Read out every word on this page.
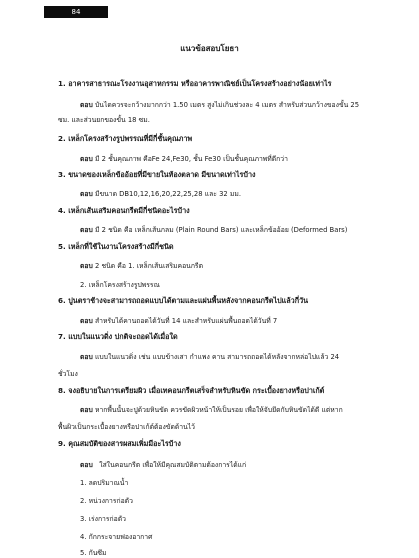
84
แนวข้อสอบโยธา
1. อาคารสาธารณะโรงงานอุสาหกรรม หรืออาคารพาณิชย์เป็นโครงสร้างอย่างน้อยเท่าไร
ตอบ บันไดควรจะกว้างมากกว่า 1.50 เมตร สูงไม่เกินช่วงละ 4 เมตร สำหรับส่วนกว้างของขั้น 25
ซม. และส่วนยกของขั้น 18 ซม.
2. เหล็กโครงสร้างรูปพรรณที่มีกี่ชั้นคุณภาพ
ตอบ มี 2 ชั้นคุณภาพ คือFe 24,Fe30, ชั้น Fe30 เป็นชั้นคุณภาพที่ดีกว่า
3. ขนาดของเหล็กข้ออ้อยที่มีขายในท้องตลาด มีขนาดเท่าไรบ้าง
ตอบ มีขนาด DB10,12,16,20,22,25,28 และ 32 มม.
4. เหล็กเส้นเสริมคอนกรีตมีกี่ชนิดอะไรบ้าง
ตอบ มี 2 ชนิด คือ เหล็กเส้นกลม (Plain Round Bars) และเหล็กข้ออ้อย (Deformed Bars)
5. เหล็กที่ใช้ในงานโครงสร้างมีกี่ชนิด
ตอบ 2 ชนิด คือ 1. เหล็กเส้นเสริมคอนกรีต
2. เหล็กโครงสร้างรูปพรรณ
6. ปูนตราช้างจะสามารถถอดแบบได้ตามและแผ่นพื้นหลังจากคอนกรีตไปแล้วกี่วัน
ตอบ สำหรับได้คานถอดได้วันที่ 14 และสำหรับแผ่นพื้นถอดได้วันที่ 7
7. แบบในแนวดิ่ง ปกติจะถอดได้เมื่อใด
ตอบ แบบในแนวดิ่ง เช่น แบบข้างเสา กำแพง คาน สามารถถอดได้หลังจากหล่อไปแล้ว 24
ชั่วโมง
8. จงอธิบายในการเตรียมผิว เมื่อเทคอนกรีตเสร็จสำหรับหินขัด กระเบื้องยางหรือปาเก้ต์
ตอบ หากพื้นนั้นจะปูด้วยหินขัด ควรขัดผิวหน้าให้เป็นรอย เพื่อให้จับยึดกับหินขัดได้ดี แต่หาก
พื้นผิวเป็นกระเบื้องยางหรือปาเก้ต์ต้องขัดด้านไว้
9. คุณสมบัติของสารผสมเพิ่มมีอะไรบ้าง
ตอบ ใส่ในคอนกรีต เพื่อให้มีคุณสมบัติตามต้องการได้แก่
1. ลดปริมาณน้ำ
2. หน่วงการก่อตัว
3. เร่งการก่อตัว
4. กักกระจายฟองอากาศ
5. กันซึม
